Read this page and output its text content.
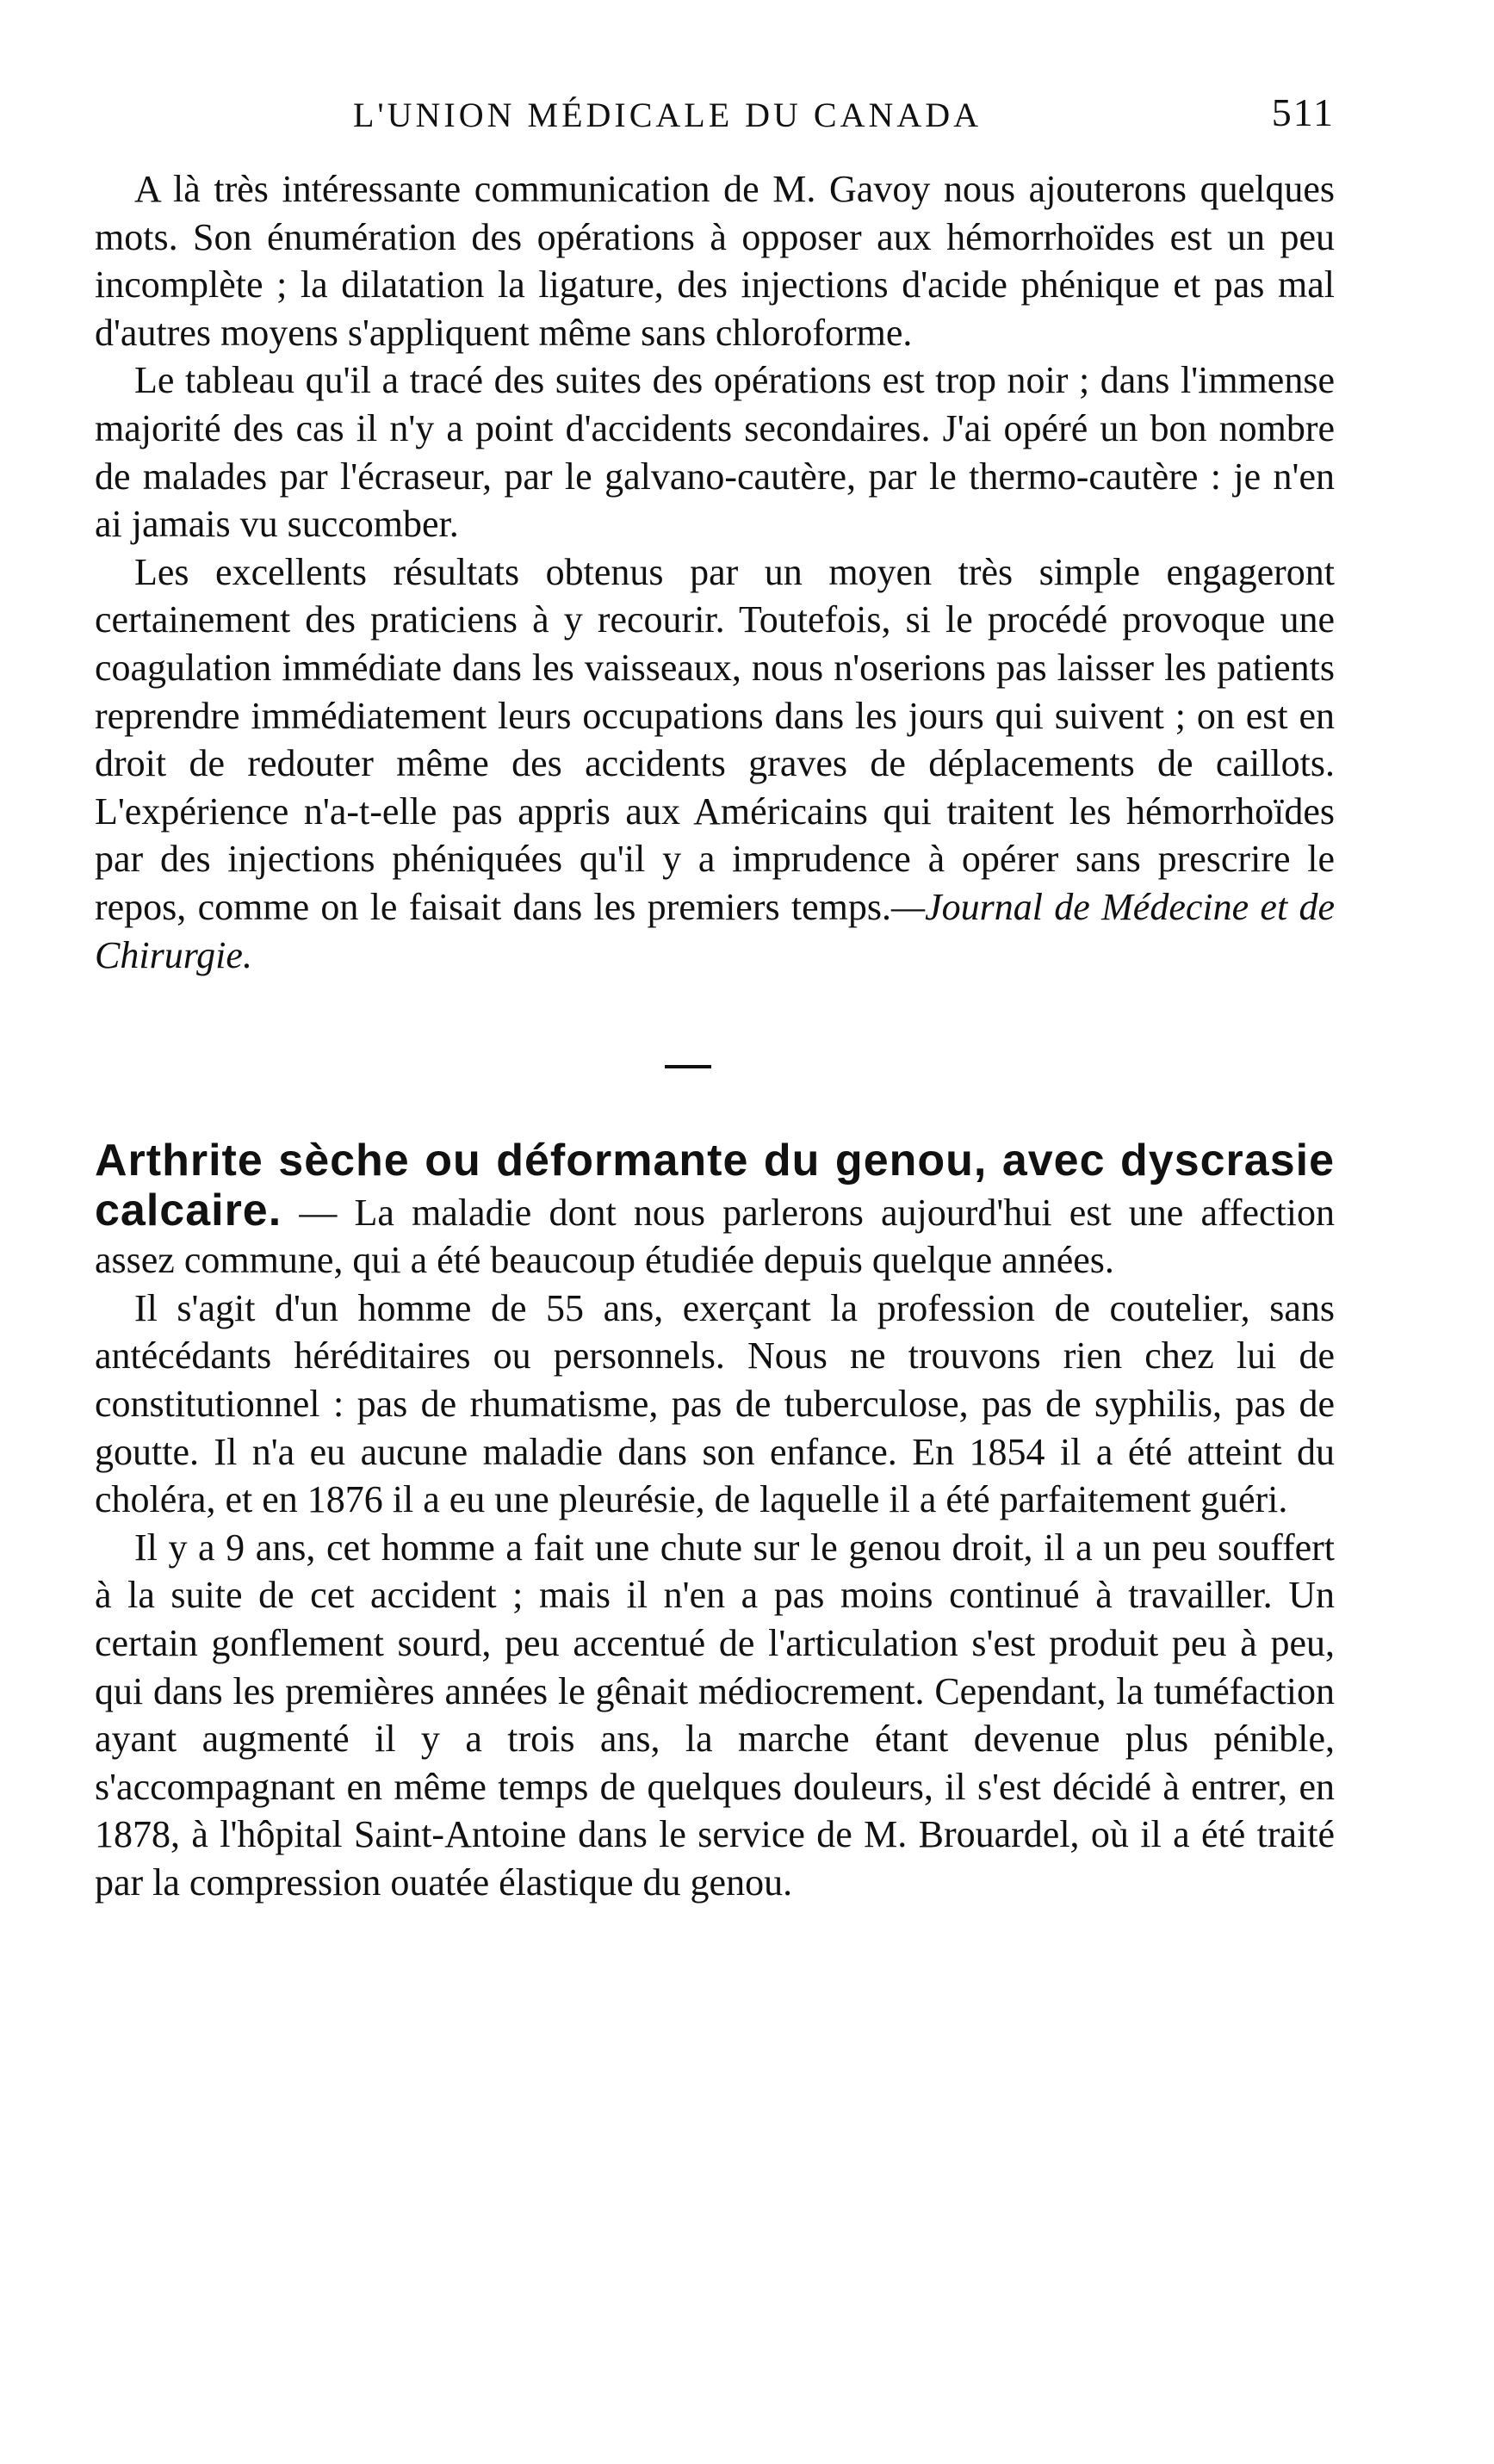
L'UNION MÉDICALE DU CANADA	511

A là très intéressante communication de M. Gavoy nous ajouterons quelques mots. Son énumération des opérations à opposer aux hémorrhoïdes est un peu incomplète ; la dilatation la ligature, des injections d'acide phénique et pas mal d'autres moyens s'appliquent même sans chloroforme.

Le tableau qu'il a tracé des suites des opérations est trop noir ; dans l'immense majorité des cas il n'y a point d'accidents secondaires. J'ai opéré un bon nombre de malades par l'écraseur, par le galvano-cautère, par le thermo-cautère : je n'en ai jamais vu succomber.

Les excellents résultats obtenus par un moyen très simple engageront certainement des praticiens à y recourir. Toutefois, si le procédé provoque une coagulation immédiate dans les vaisseaux, nous n'oserions pas laisser les patients reprendre immédiatement leurs occupations dans les jours qui suivent ; on est en droit de redouter même des accidents graves de déplacements de caillots. L'expérience n'a-t-elle pas appris aux Américains qui traitent les hémorrhoïdes par des injections phéniquées qu'il y a imprudence à opérer sans prescrire le repos, comme on le faisait dans les premiers temps.—Journal de Médecine et de Chirurgie.

Arthrite sèche ou déformante du genou, avec dyscrasie calcaire. — La maladie dont nous parlerons aujourd'hui est une affection assez commune, qui a été beaucoup étudiée depuis quelque années.

Il s'agit d'un homme de 55 ans, exerçant la profession de coutelier, sans antécédants héréditaires ou personnels. Nous ne trouvons rien chez lui de constitutionnel : pas de rhumatisme, pas de tuberculose, pas de syphilis, pas de goutte. Il n'a eu aucune maladie dans son enfance. En 1854 il a été atteint du choléra, et en 1876 il a eu une pleurésie, de laquelle il a été parfaitement guéri.

Il y a 9 ans, cet homme a fait une chute sur le genou droit, il a un peu souffert à la suite de cet accident ; mais il n'en a pas moins continué à travailler. Un certain gonflement sourd, peu accentué de l'articulation s'est produit peu à peu, qui dans les premières années le gênait médiocrement. Cependant, la tuméfaction ayant augmenté il y a trois ans, la marche étant devenue plus pénible, s'accompagnant en même temps de quelques douleurs, il s'est décidé à entrer, en 1878, à l'hôpital Saint-Antoine dans le service de M. Brouardel, où il a été traité par la compression ouatée élastique du genou.
